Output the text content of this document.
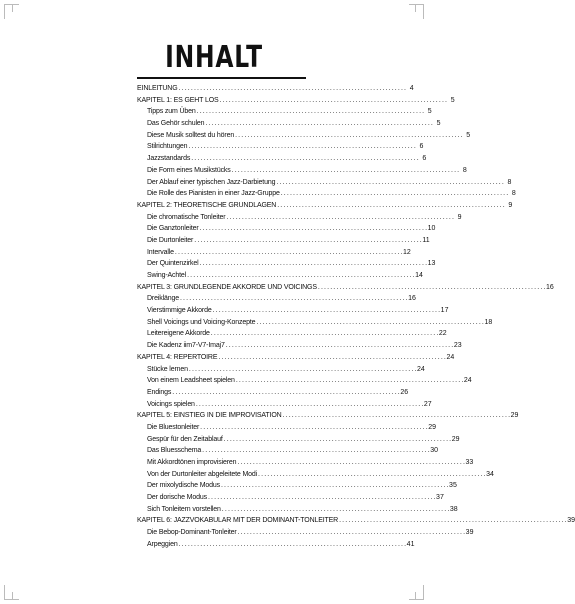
INHALT
EINLEITUNG . . .	4
KAPITEL 1: ES GEHT LOS . . .	5
Tipps zum Üben . . .	5
Das Gehör schulen . . .	5
Diese Musik solltest du hören . . .	5
Stilrichtungen . . .	6
Jazzstandards . . .	6
Die Form eines Musikstücks . . .	8
Der Ablauf einer typischen Jazz-Darbietung . . .	8
Die Rolle des Pianisten in einer Jazz-Gruppe . . .	8
KAPITEL 2: THEORETISCHE GRUNDLAGEN . . .	9
Die chromatische Tonleiter . . .	9
Die Ganztonleiter . . .	10
Die Durtonleiter . . .	11
Intervalle . . .	12
Der Quintenzirkel . . .	13
Swing-Achtel . . .	14
KAPITEL 3: GRUNDLEGENDE AKKORDE UND VOICINGS . . .	16
Dreiklänge . . .	16
Vierstimmige Akkorde . . .	17
Shell Voicings und Voicing-Konzepte . . .	18
Leitereigene Akkorde . . .	22
Die Kadenz iim7-V7-Imaj7 . . .	23
KAPITEL 4: REPERTOIRE . . .	24
Stücke lernen . . .	24
Von einem Leadsheet spielen . . .	24
Endings . . .	26
Voicings spielen . . .	27
KAPITEL 5: EINSTIEG IN DIE IMPROVISATION . . .	29
Die Bluestonleiter . . .	29
Gespür für den Zeitablauf . . .	29
Das Bluesschema . . .	30
Mit Akkordtönen improvisieren . . .	33
Von der Durtonleiter abgeleitete Modi . . .	34
Der mixolydische Modus . . .	35
Der dorische Modus . . .	37
Sich Tonleitern vorstellen . . .	38
KAPITEL 6: JAZZVOKABULAR MIT DER DOMINANT-TONLEITER . . .	39
Die Bebop-Dominant-Tonleiter . . .	39
Arpeggien . . .	41
